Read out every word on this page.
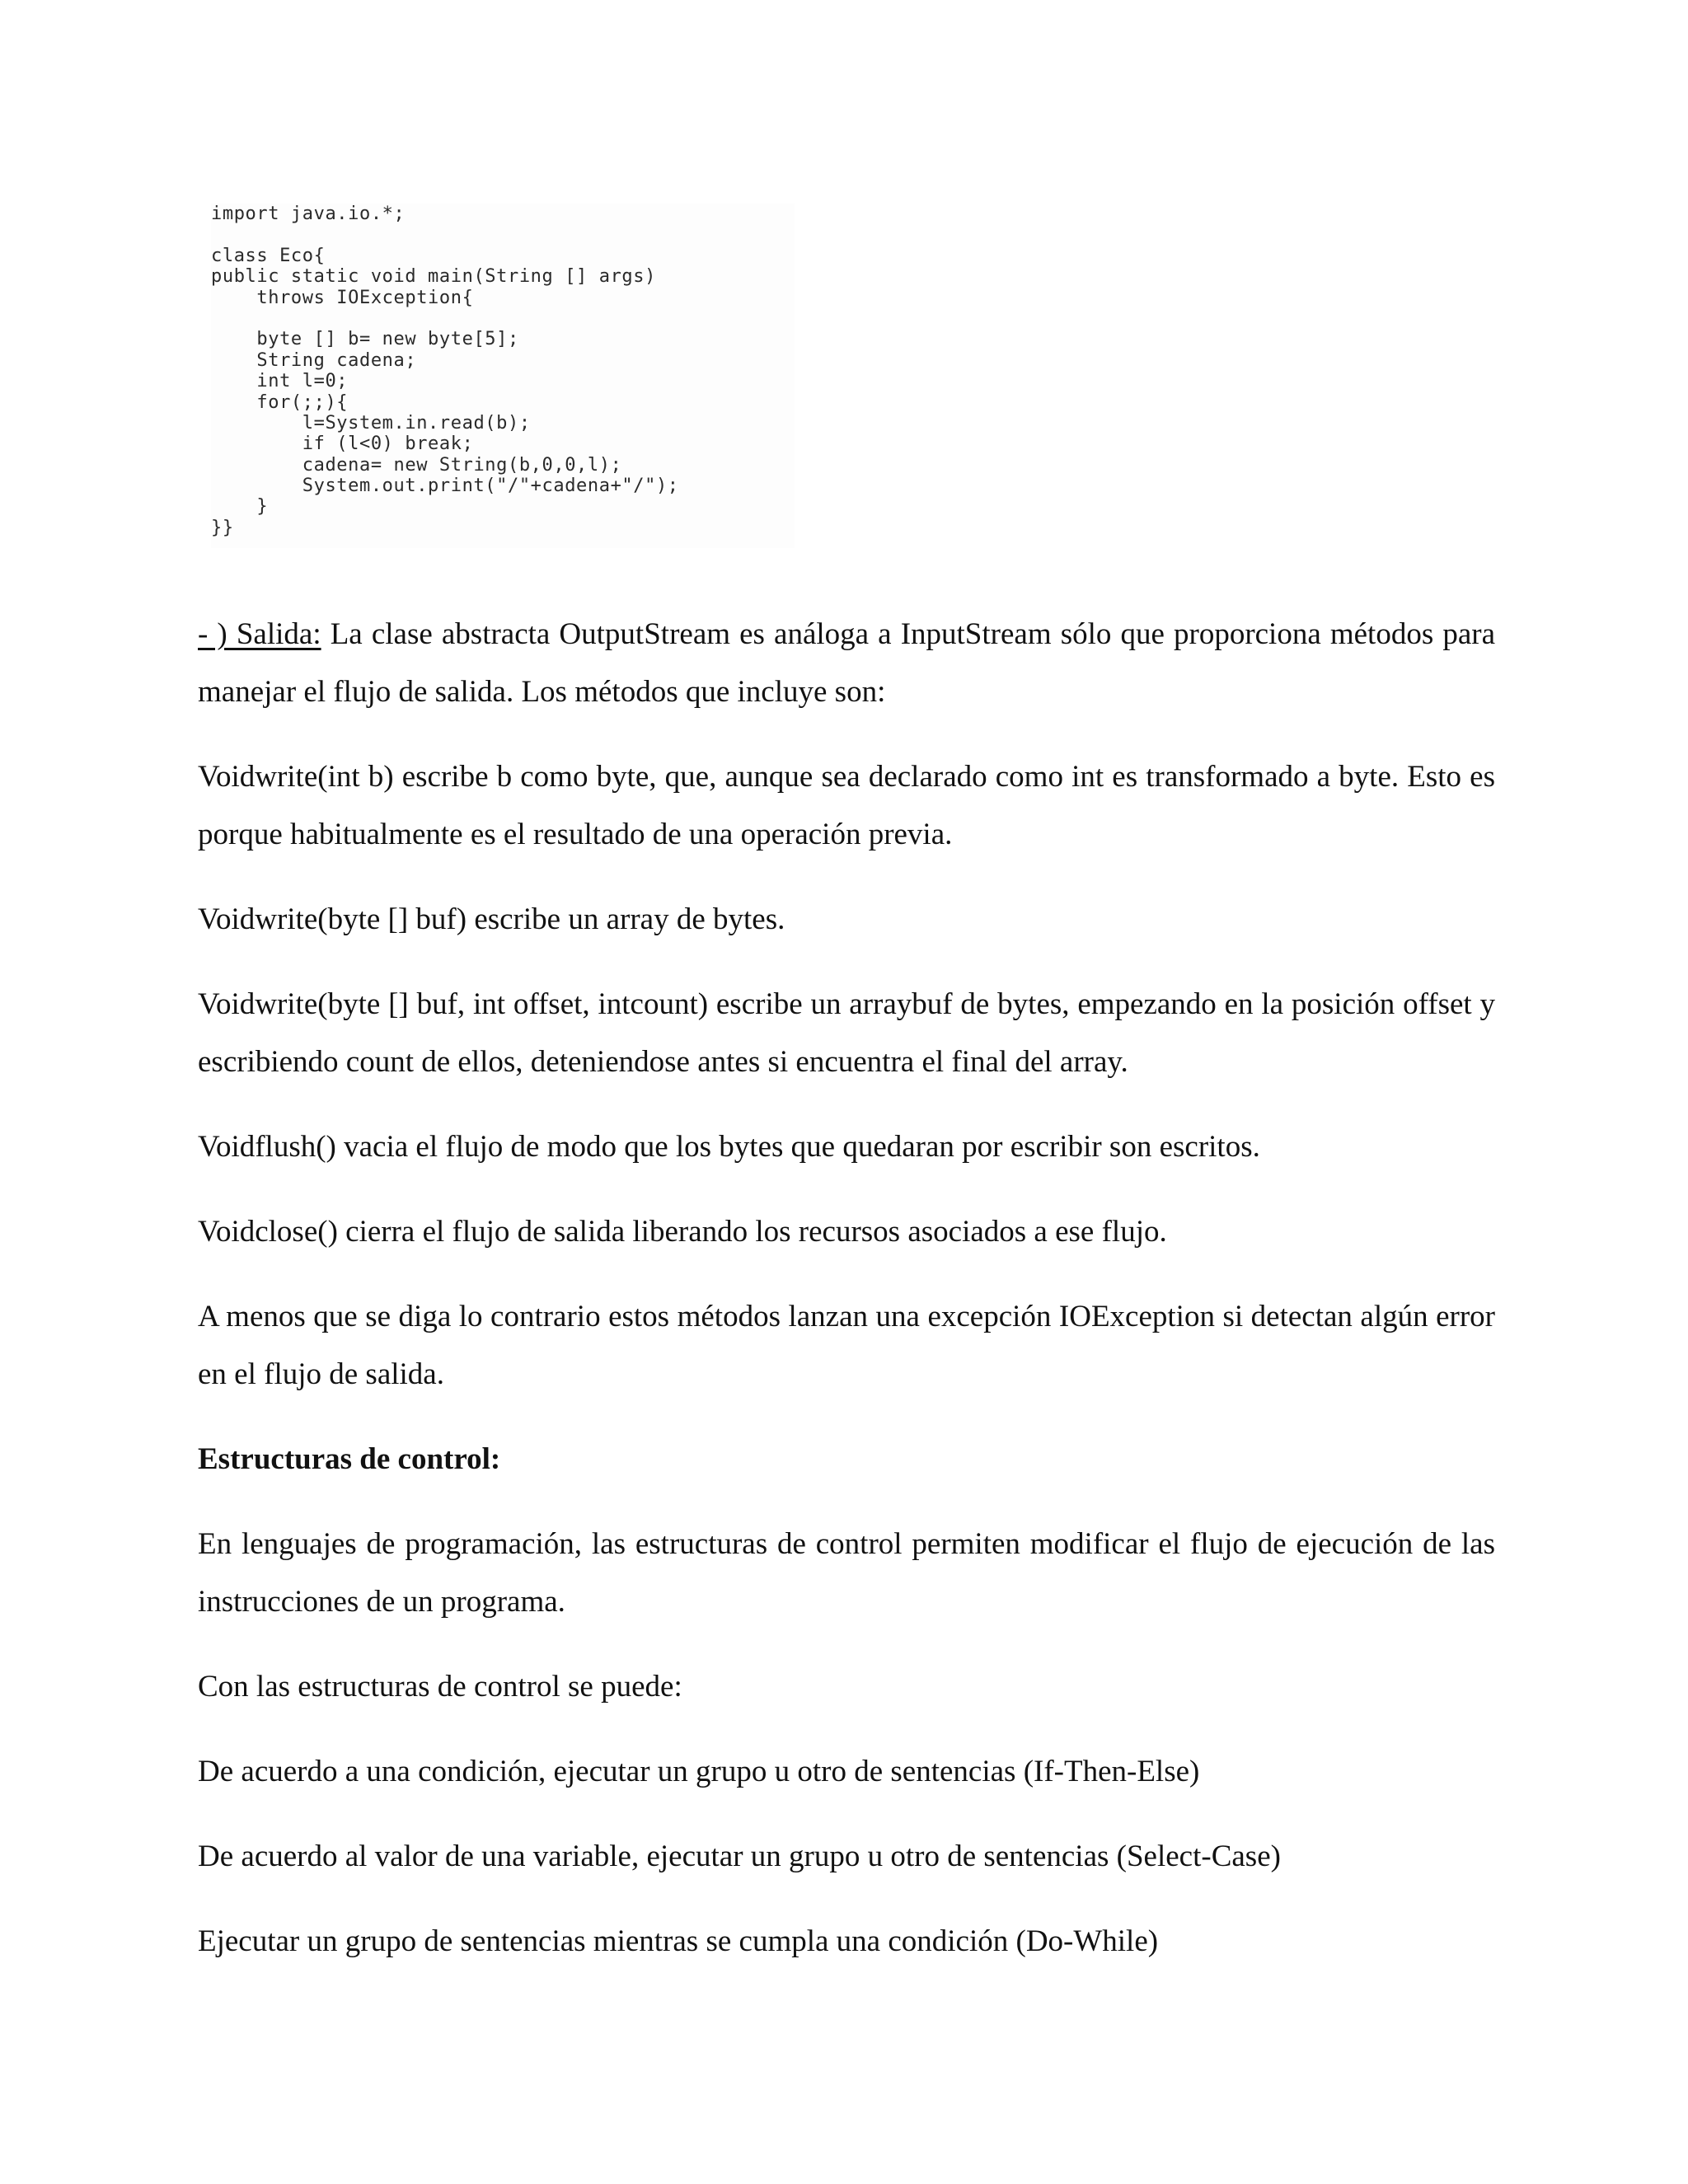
import java.io.*;
class Eco{
public static void main(String [] args)
throws IOException{
byte [] b= new byte[5];
String cadena;
int l=0;
for(;;){
l=System.in.read(b);
if (l<0) break;
cadena= new String(b,0,0,l);
System.out.print("/"+cadena+"/");
}
}}

- ) Salida: La clase abstracta OutputStream es análoga a InputStream sólo que proporciona métodos para manejar el flujo de salida. Los métodos que incluye son:

Voidwrite(int b) escribe b como byte, que, aunque sea declarado como int es transformado a byte. Esto es porque habitualmente es el resultado de una operación previa.

Voidwrite(byte [] buf) escribe un array de bytes.

Voidwrite(byte [] buf, int offset, intcount) escribe un arraybuf de bytes, empezando en la posición offset y escribiendo count de ellos, deteniendose antes si encuentra el final del array.

Voidflush() vacia el flujo de modo que los bytes que quedaran por escribir son escritos.

Voidclose() cierra el flujo de salida liberando los recursos asociados a ese flujo.

A menos que se diga lo contrario estos métodos lanzan una excepción IOException si detectan algún error en el flujo de salida.

Estructuras de control:

En lenguajes de programación, las estructuras de control permiten modificar el flujo de ejecución de las instrucciones de un programa.

Con las estructuras de control se puede:

De acuerdo a una condición, ejecutar un grupo u otro de sentencias (If-Then-Else)

De acuerdo al valor de una variable, ejecutar un grupo u otro de sentencias (Select-Case)

Ejecutar un grupo de sentencias mientras se cumpla una condición (Do-While)
